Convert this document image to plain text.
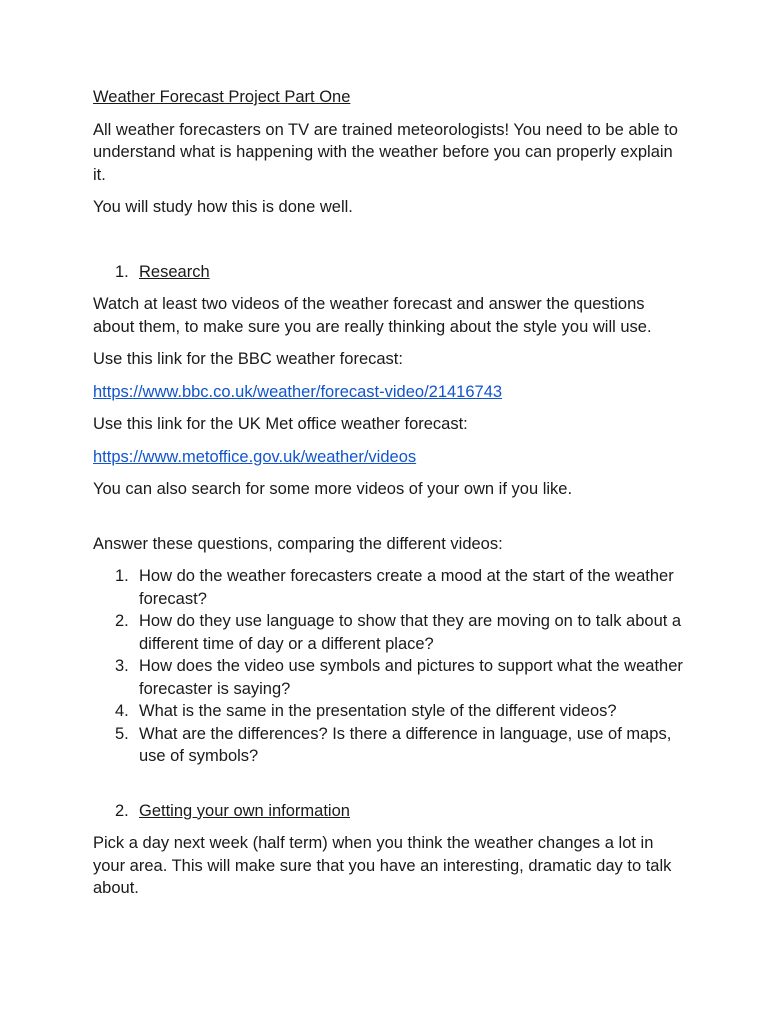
Weather Forecast Project Part One

All weather forecasters on TV are trained meteorologists! You need to be able to understand what is happening with the weather before you can properly explain it.

You will study how this is done well.

1. Research

Watch at least two videos of the weather forecast and answer the questions about them, to make sure you are really thinking about the style you will use.

Use this link for the BBC weather forecast:

https://www.bbc.co.uk/weather/forecast-video/21416743

Use this link for the UK Met office weather forecast:

https://www.metoffice.gov.uk/weather/videos

You can also search for some more videos of your own if you like.

Answer these questions, comparing the different videos:

1. How do the weather forecasters create a mood at the start of the weather forecast?
2. How do they use language to show that they are moving on to talk about a different time of day or a different place?
3. How does the video use symbols and pictures to support what the weather forecaster is saying?
4. What is the same in the presentation style of the different videos?
5. What are the differences? Is there a difference in language, use of maps, use of symbols?
2. Getting your own information

Pick a day next week (half term) when you think the weather changes a lot in your area. This will make sure that you have an interesting, dramatic day to talk about.
